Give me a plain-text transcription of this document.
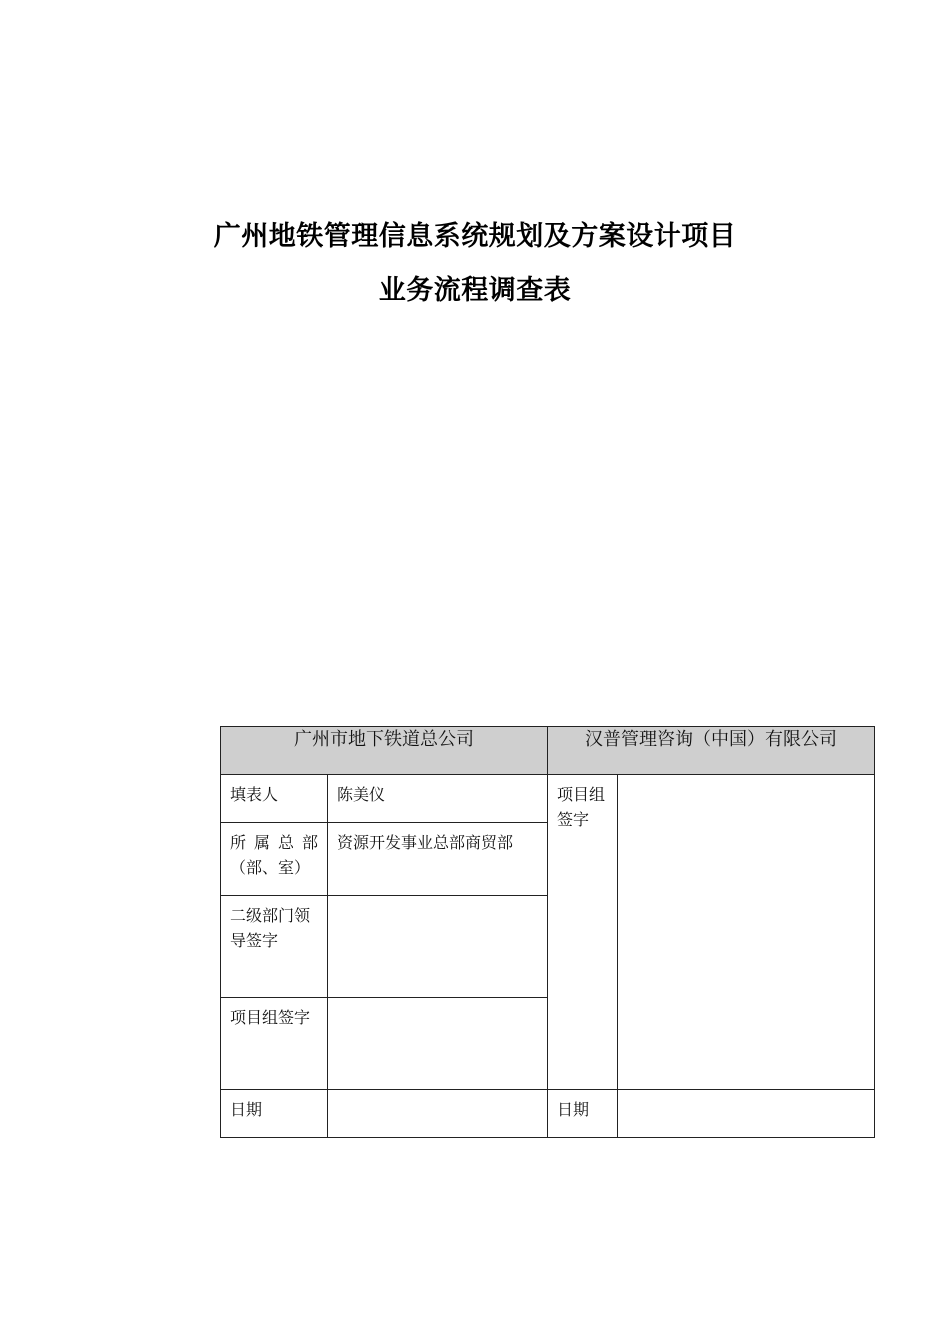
广州地铁管理信息系统规划及方案设计项目
业务流程调查表
广州市地下铁道总公司		汉普管理咨询（中国）有限公司	

填表人	陈美仪	项目组
签字	

所 属 总 部
（部、室）	资源开发事业总部商贸部		

二级部门领
导签字			

项目组签字			

日期		日期	
